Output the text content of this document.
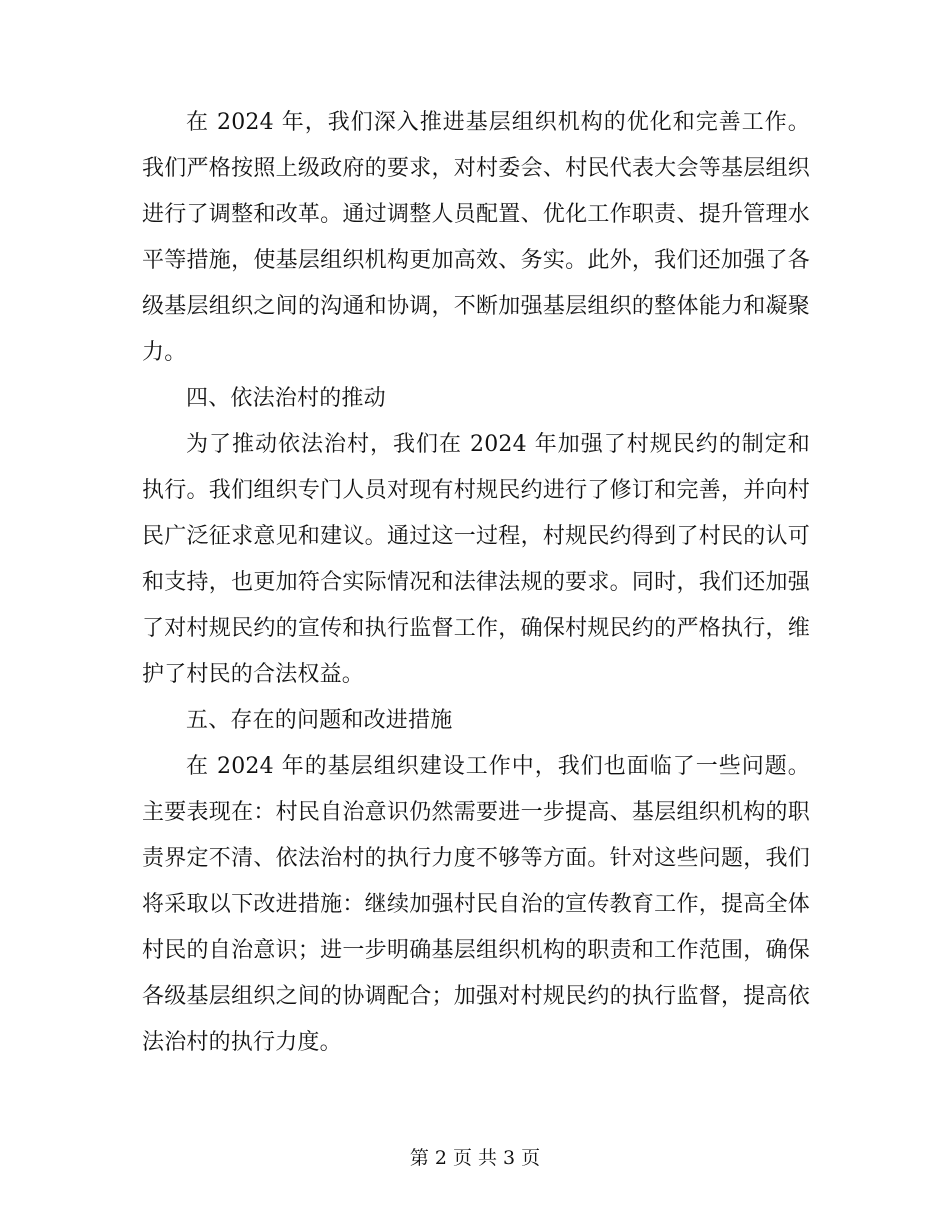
在 2024 年，我们深入推进基层组织机构的优化和完善工作。我们严格按照上级政府的要求，对村委会、村民代表大会等基层组织进行了调整和改革。通过调整人员配置、优化工作职责、提升管理水平等措施，使基层组织机构更加高效、务实。此外，我们还加强了各级基层组织之间的沟通和协调，不断加强基层组织的整体能力和凝聚力。

四、依法治村的推动

为了推动依法治村，我们在 2024 年加强了村规民约的制定和执行。我们组织专门人员对现有村规民约进行了修订和完善，并向村民广泛征求意见和建议。通过这一过程，村规民约得到了村民的认可和支持，也更加符合实际情况和法律法规的要求。同时，我们还加强了对村规民约的宣传和执行监督工作，确保村规民约的严格执行，维护了村民的合法权益。

五、存在的问题和改进措施

在 2024 年的基层组织建设工作中，我们也面临了一些问题。主要表现在：村民自治意识仍然需要进一步提高、基层组织机构的职责界定不清、依法治村的执行力度不够等方面。针对这些问题，我们将采取以下改进措施：继续加强村民自治的宣传教育工作，提高全体村民的自治意识；进一步明确基层组织机构的职责和工作范围，确保各级基层组织之间的协调配合；加强对村规民约的执行监督，提高依法治村的执行力度。

第 2 页 共 3 页
